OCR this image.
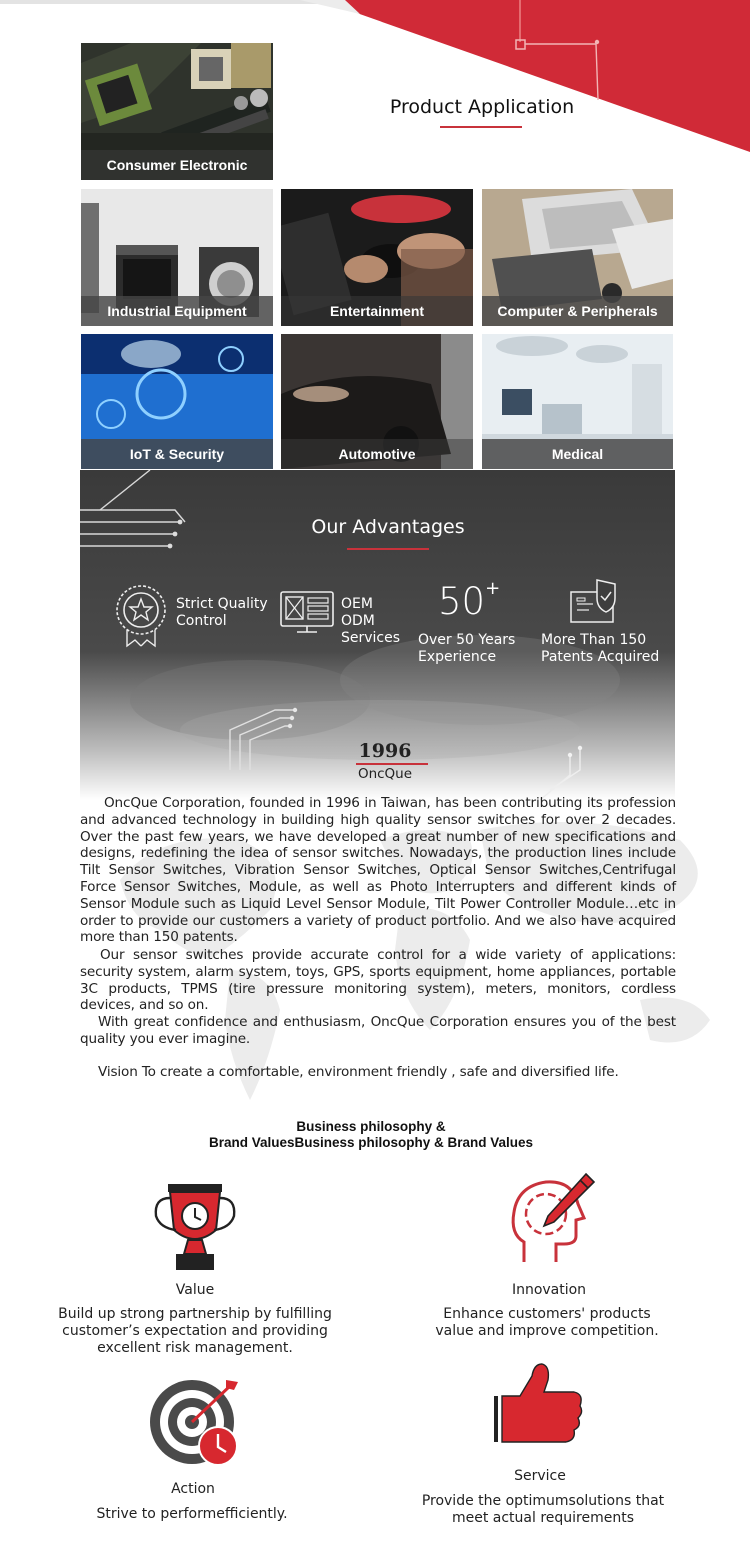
Product Application
Consumer Electronic
Industrial Equipment	Entertainment	Computer & Peripherals
IoT & Security	Automotive	Medical
Our Advantages
Strict Quality
Control
OEM
ODM
Services
50+
Over 50 Years
Experience
More Than 150
Patents Acquired
1996
OncQue
OncQue Corporation, founded in 1996 in Taiwan, has been contributing its profession and advanced technology in building high quality sensor switches for over 2 decades. Over the past few years, we have developed a great number of new specifications and designs, redefining the idea of sensor switches. Nowadays, the production lines include Tilt Sensor Switches, Vibration Sensor Switches, Optical Sensor Switches,Centrifugal Force Sensor Switches, Module, as well as Photo Interrupters and different kinds of Sensor Module such as Liquid Level Sensor Module, Tilt Power Controller Module…etc in order to provide our customers a variety of product portfolio. And we also have acquired more than 150 patents.
Our sensor switches provide accurate control for a wide variety of applications: security system, alarm system, toys, GPS, sports equipment, home appliances, portable 3C products, TPMS (tire pressure monitoring system), meters, monitors, cordless devices, and so on.
With great confidence and enthusiasm, OncQue Corporation ensures you of the best quality you ever imagine.
Vision To create a comfortable, environment friendly , safe and diversified life.
Business philosophy &
Brand ValuesBusiness philosophy & Brand Values
Value
Build up strong partnership by fulfilling
customer’s expectation and providing
excellent risk management.
Innovation
Enhance customers' products
value and improve competition.
Action
Strive to performefficiently.
Service
Provide the optimumsolutions that
meet actual requirements
